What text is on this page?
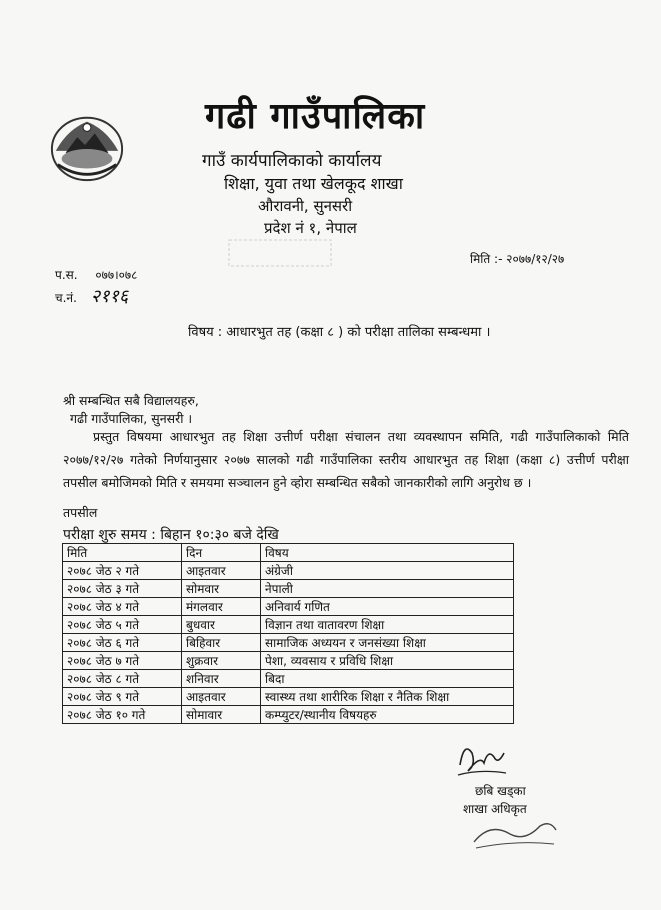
गढी गाउँपालिका
गाउँ कार्यपालिकाको कार्यालय
शिक्षा, युवा तथा खेलकूद शाखा
औरावनी, सुनसरी
प्रदेश नं १, नेपाल
मिति :- २०७७/१२/२७
प.स. ०७७।०७८
च.नं. २११६
विषय : आधारभुत तह (कक्षा ८ ) को परीक्षा तालिका सम्बन्धमा ।
श्री सम्बन्धित सबै विद्यालयहरु,
गढी गाउँपालिका, सुनसरी ।
प्रस्तुत विषयमा आधारभुत तह शिक्षा उत्तीर्ण परीक्षा संचालन तथा व्यवस्थापन समिति, गढी गाउँपालिकाको मिति २०७७/१२/२७ गतेको निर्णयानुसार २०७७ सालको गढी गाउँपालिका स्तरीय आधारभुत तह शिक्षा (कक्षा ८) उत्तीर्ण परीक्षा तपसील बमोजिमको मिति र समयमा सञ्चालन हुने व्होरा सम्बन्धित सबैको जानकारीको लागि अनुरोध छ ।
तपसील
परीक्षा शुरु समय : बिहान १०:३० बजे देखि
मिति	दिन	विषय
२०७८ जेठ २ गते	आइतवार	अंग्रेजी
२०७८ जेठ ३ गते	सोमवार	नेपाली
२०७८ जेठ ४ गते	मंगलवार	अनिवार्य गणित
२०७८ जेठ ५ गते	बुधवार	विज्ञान तथा वातावरण शिक्षा
२०७८ जेठ ६ गते	बिहिवार	सामाजिक अध्ययन र जनसंख्या शिक्षा
२०७८ जेठ ७ गते	शुक्रवार	पेशा, व्यवसाय र प्रविधि शिक्षा
२०७८ जेठ ८ गते	शनिवार	बिदा
२०७८ जेठ ९ गते	आइतवार	स्वास्थ्य तथा शारीरिक शिक्षा र नैतिक शिक्षा
२०७८ जेठ १० गते	सोमावार	कम्प्युटर/स्थानीय विषयहरु
छबि खड्का
शाखा अधिकृत
